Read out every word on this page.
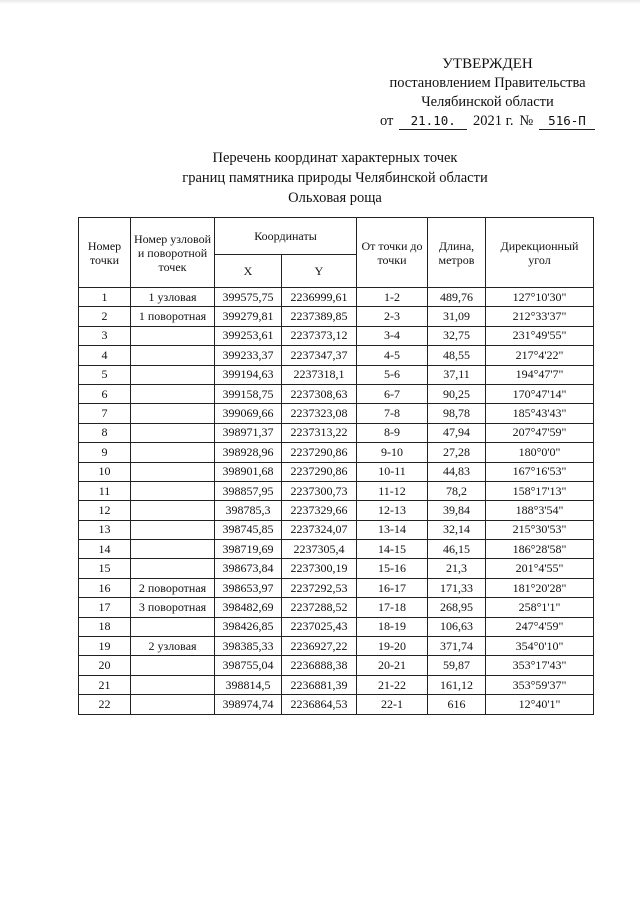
УТВЕРЖДЕН
постановлением Правительства
Челябинской области
от	21.10.	2021 г. №	516-П
Перечень координат характерных точек
границ памятника природы Челябинской области
Ольховая роща
Номер точки	Номер узловой и поворотной точек	Координаты		От точки до точки	Длина, метров	Дирекционный угол
		X	Y			
1	1 узловая	399575,75	2236999,61	1-2	489,76	127°10'30"
2	1 поворотная	399279,81	2237389,85	2-3	31,09	212°33'37"
3		399253,61	2237373,12	3-4	32,75	231°49'55"
4		399233,37	2237347,37	4-5	48,55	217°4'22"
5		399194,63	2237318,1	5-6	37,11	194°47'7"
6		399158,75	2237308,63	6-7	90,25	170°47'14"
7		399069,66	2237323,08	7-8	98,78	185°43'43"
8		398971,37	2237313,22	8-9	47,94	207°47'59"
9		398928,96	2237290,86	9-10	27,28	180°0'0"
10		398901,68	2237290,86	10-11	44,83	167°16'53"
11		398857,95	2237300,73	11-12	78,2	158°17'13"
12		398785,3	2237329,66	12-13	39,84	188°3'54"
13		398745,85	2237324,07	13-14	32,14	215°30'53"
14		398719,69	2237305,4	14-15	46,15	186°28'58"
15		398673,84	2237300,19	15-16	21,3	201°4'55"
16	2 поворотная	398653,97	2237292,53	16-17	171,33	181°20'28"
17	3 поворотная	398482,69	2237288,52	17-18	268,95	258°1'1"
18		398426,85	2237025,43	18-19	106,63	247°4'59"
19	2 узловая	398385,33	2236927,22	19-20	371,74	354°0'10"
20		398755,04	2236888,38	20-21	59,87	353°17'43"
21		398814,5	2236881,39	21-22	161,12	353°59'37"
22		398974,74	2236864,53	22-1	616	12°40'1"
